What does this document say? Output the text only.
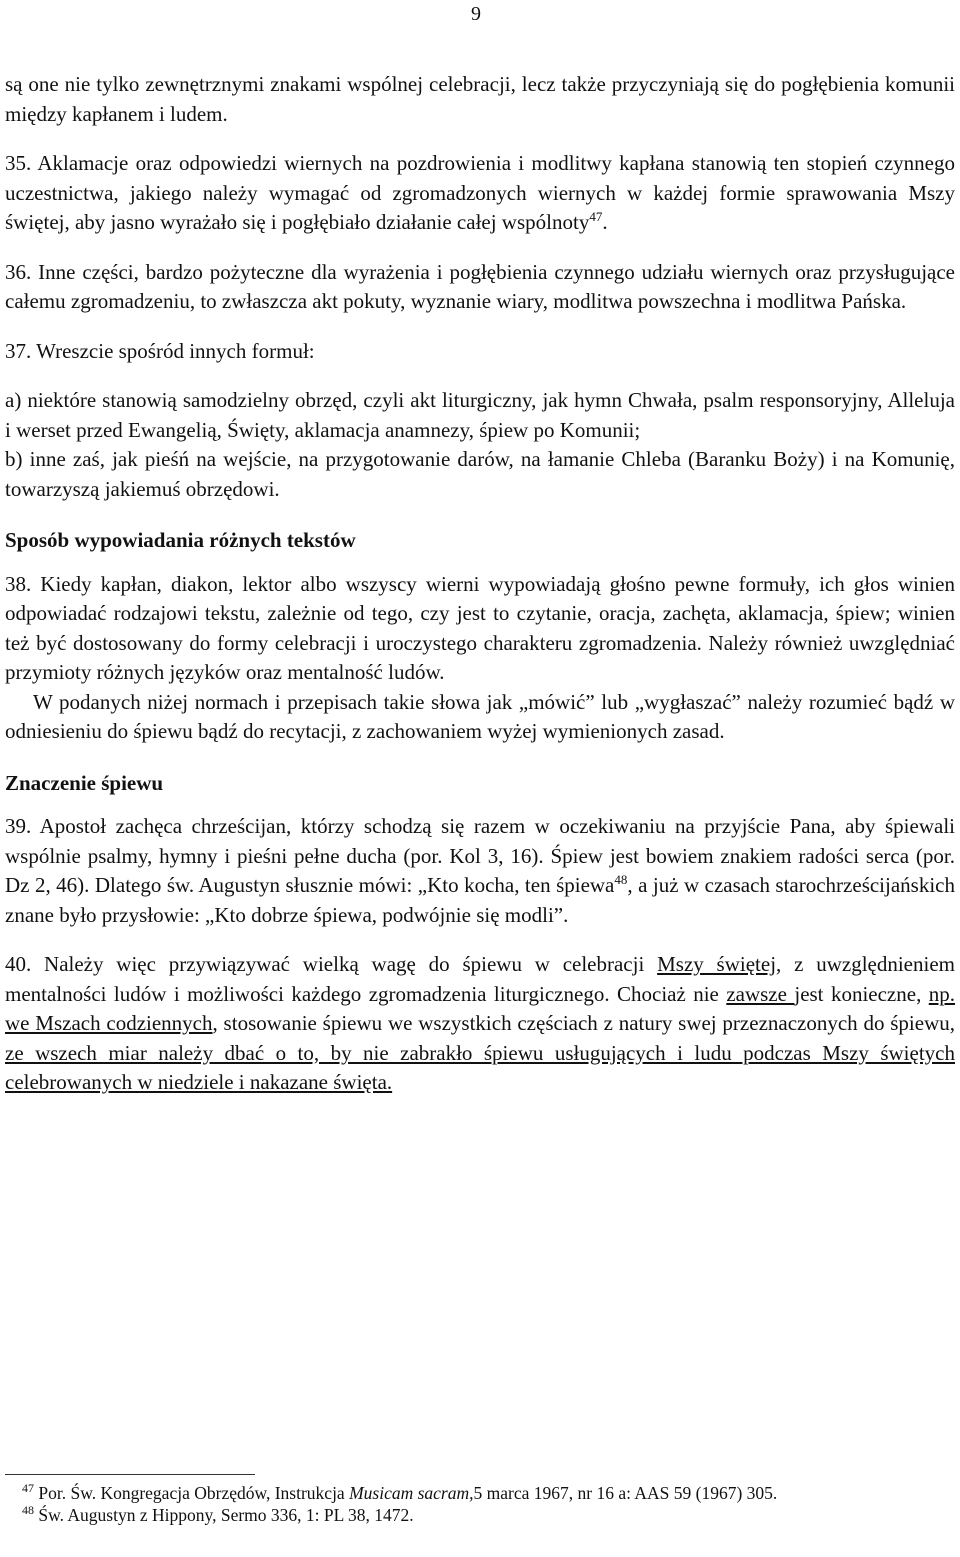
9

są one nie tylko zewnętrznymi znakami wspólnej celebracji, lecz także przyczyniają się do pogłębienia komunii między kapłanem i ludem.

35. Aklamacje oraz odpowiedzi wiernych na pozdrowienia i modlitwy kapłana stanowią ten stopień czynnego uczestnictwa, jakiego należy wymagać od zgromadzonych wiernych w każdej formie sprawowania Mszy świętej, aby jasno wyrażało się i pogłębiało działanie całej wspólnoty$^{47}$.

36. Inne części, bardzo pożyteczne dla wyrażenia i pogłębienia czynnego udziału wiernych oraz przysługujące całemu zgromadzeniu, to zwłaszcza akt pokuty, wyznanie wiary, modlitwa powszechna i modlitwa Pańska.

37. Wreszcie spośród innych formuł:

a) niektóre stanowią samodzielny obrzęd, czyli akt liturgiczny, jak hymn Chwała, psalm responsoryjny, Alleluja i werset przed Ewangelią, Święty, aklamacja anamnezy, śpiew po Komunii;

b) inne zaś, jak pieśń na wejście, na przygotowanie darów, na łamanie Chleba (Baranku Boży) i na Komunię, towarzyszą jakiemuś obrzędowi.

Sposób wypowiadania różnych tekstów

38. Kiedy kapłan, diakon, lektor albo wszyscy wierni wypowiadają głośno pewne formuły, ich głos winien odpowiadać rodzajowi tekstu, zależnie od tego, czy jest to czytanie, oracja, zachęta, aklamacja, śpiew; winien też być dostosowany do formy celebracji i uroczystego charakteru zgromadzenia. Należy również uwzględniać przymioty różnych języków oraz mentalność ludów.

W podanych niżej normach i przepisach takie słowa jak „mówić” lub „wygłaszać” należy rozumieć bądź w odniesieniu do śpiewu bądź do recytacji, z zachowaniem wyżej wymienionych zasad.

Znaczenie śpiewu

39. Apostoł zachęca chrześcijan, którzy schodzą się razem w oczekiwaniu na przyjście Pana, aby śpiewali wspólnie psalmy, hymny i pieśni pełne ducha (por. Kol 3, 16). Śpiew jest bowiem znakiem radości serca (por. Dz 2, 46). Dlatego św. Augustyn słusznie mówi: „Kto kocha, ten śpiewa$^{48}$, a już w czasach starochrześcijańskich znane było przysłowie: „Kto dobrze śpiewa, podwójnie się modli”.

40. Należy więc przywiązywać wielką wagę do śpiewu w celebracji Mszy świętej, z uwzględnieniem mentalności ludów i możliwości każdego zgromadzenia liturgicznego. Chociaż nie zawsze jest konieczne, np. we Mszach codziennych, stosowanie śpiewu we wszystkich częściach z natury swej przeznaczonych do śpiewu, ze wszech miar należy dbać o to, by nie zabrakło śpiewu usługujących i ludu podczas Mszy świętych celebrowanych w niedziele i nakazane święta.

$^{47}$ Por. Św. Kongregacja Obrzędów, Instrukcja Musicam sacram,5 marca 1967, nr 16 a: AAS 59 (1967) 305.
$^{48}$ Św. Augustyn z Hippony, Sermo 336, 1: PL 38, 1472.
